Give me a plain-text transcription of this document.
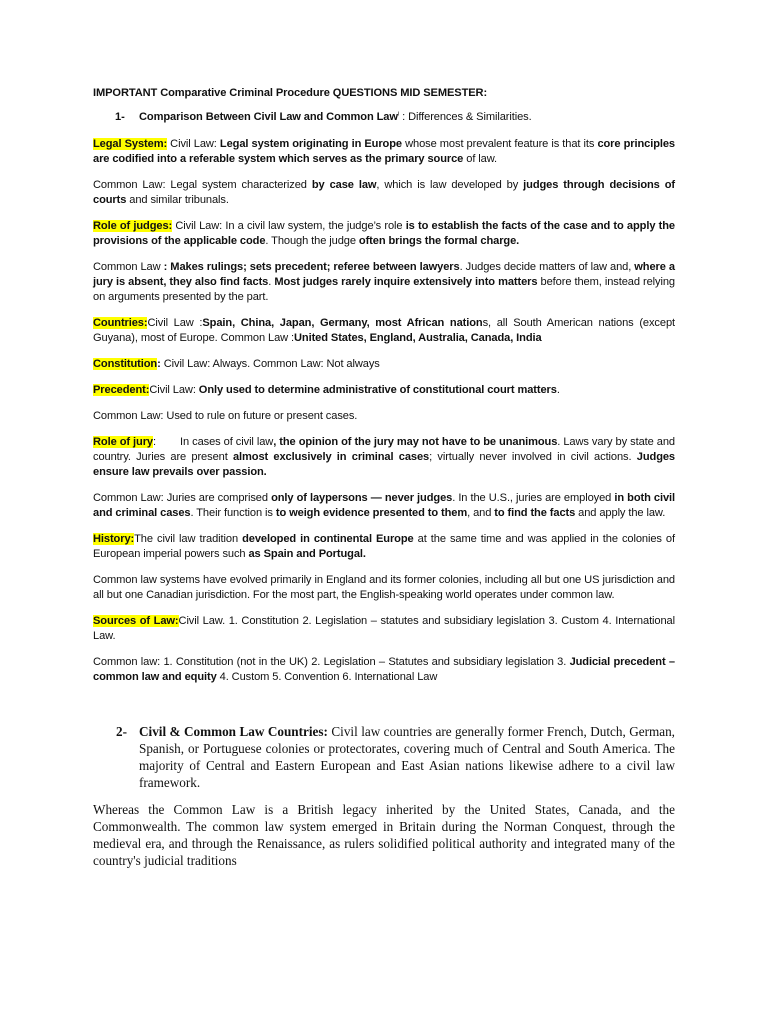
IMPORTANT Comparative Criminal Procedure QUESTIONS MID SEMESTER:

1- Comparison Between Civil Law and Common Law$^i$ : Differences & Similarities.

Legal System: Civil Law: Legal system originating in Europe whose most prevalent feature is that its core principles are codified into a referable system which serves as the primary source of law.

Common Law: Legal system characterized by case law, which is law developed by judges through decisions of courts and similar tribunals.

Role of judges: Civil Law: In a civil law system, the judge’s role is to establish the facts of the case and to apply the provisions of the applicable code. Though the judge often brings the formal charge.

Common Law : Makes rulings; sets precedent; referee between lawyers. Judges decide matters of law and, where a jury is absent, they also find facts. Most judges rarely inquire extensively into matters before them, instead relying on arguments presented by the part.

Countries:Civil Law :Spain, China, Japan, Germany, most African nations, all South American nations (except Guyana), most of Europe. Common Law :United States, England, Australia, Canada, India

Constitution: Civil Law: Always. Common Law: Not always

Precedent:Civil Law: Only used to determine administrative of constitutional court matters.

Common Law: Used to rule on future or present cases.

Role of jury: In cases of civil law, the opinion of the jury may not have to be unanimous. Laws vary by state and country. Juries are present almost exclusively in criminal cases; virtually never involved in civil actions. Judges ensure law prevails over passion.

Common Law: Juries are comprised only of laypersons — never judges. In the U.S., juries are employed in both civil and criminal cases. Their function is to weigh evidence presented to them, and to find the facts and apply the law.

History:The civil law tradition developed in continental Europe at the same time and was applied in the colonies of European imperial powers such as Spain and Portugal.

Common law systems have evolved primarily in England and its former colonies, including all but one US jurisdiction and all but one Canadian jurisdiction. For the most part, the English-speaking world operates under common law.

Sources of Law:Civil Law. 1. Constitution 2. Legislation – statutes and subsidiary legislation 3. Custom 4. International Law.

Common law: 1. Constitution (not in the UK) 2. Legislation – Statutes and subsidiary legislation 3. Judicial precedent – common law and equity 4. Custom 5. Convention 6. International Law

2- Civil & Common Law Countries: Civil law countries are generally former French, Dutch, German, Spanish, or Portuguese colonies or protectorates, covering much of Central and South America. The majority of Central and Eastern European and East Asian nations likewise adhere to a civil law framework.

Whereas the Common Law is a British legacy inherited by the United States, Canada, and the Commonwealth. The common law system emerged in Britain during the Norman Conquest, through the medieval era, and through the Renaissance, as rulers solidified political authority and integrated many of the country's judicial traditions
